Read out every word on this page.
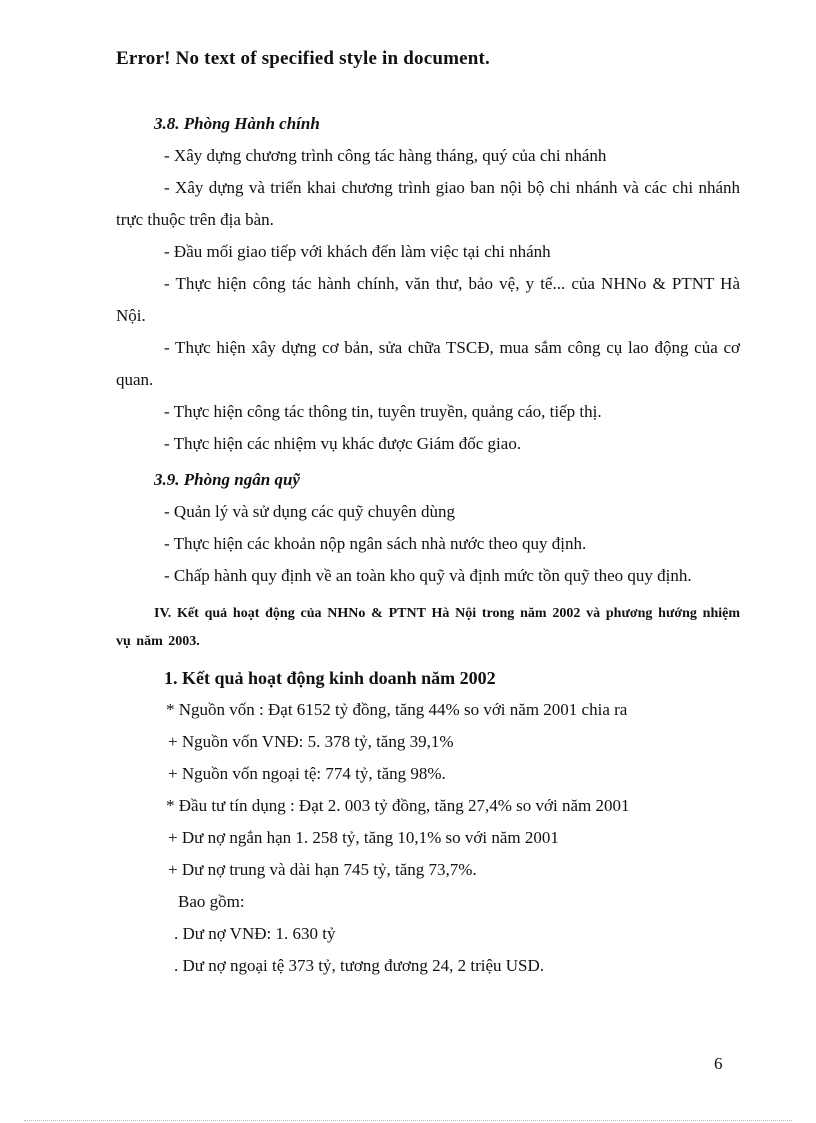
Error! No text of specified style in document.

3.8. Phòng Hành chính

- Xây dựng chương trình công tác hàng tháng, quý của chi nhánh

- Xây dựng và triển khai chương trình giao ban nội bộ chi nhánh và các chi nhánh trực thuộc trên địa bàn.

- Đầu mối giao tiếp với khách đến làm việc tại chi nhánh

- Thực hiện công tác hành chính, văn thư, bảo vệ, y tế... của NHNo & PTNT Hà Nội.

- Thực hiện xây dựng cơ bản, sửa chữa TSCĐ, mua sắm công cụ lao động của cơ quan.

- Thực hiện công tác thông tin, tuyên truyền, quảng cáo, tiếp thị.

- Thực hiện các nhiệm vụ khác được Giám đốc giao.

3.9. Phòng ngân quỹ

- Quản lý và sử dụng các quỹ chuyên dùng

- Thực hiện các khoản nộp ngân sách nhà nước theo quy định.

- Chấp hành quy định về an toàn kho quỹ và định mức tồn quỹ theo quy định.

IV. Kết quả hoạt động của NHNo & PTNT Hà Nội trong năm 2002 và phương hướng nhiệm vụ năm 2003.

1. Kết quả hoạt động kinh doanh năm 2002

* Nguồn vốn : Đạt 6152 tỷ đồng, tăng 44% so với năm 2001 chia ra

+ Nguồn vốn VNĐ: 5. 378 tỷ, tăng 39,1%

+ Nguồn vốn ngoại tệ: 774 tỷ, tăng 98%.

* Đầu tư tín dụng : Đạt 2. 003 tỷ đồng, tăng 27,4% so với năm 2001

+ Dư nợ ngắn hạn 1. 258 tỷ, tăng 10,1% so với năm 2001

+ Dư nợ trung và dài hạn 745 tỷ, tăng 73,7%.

Bao gồm:

. Dư nợ VNĐ: 1. 630 tỷ

. Dư nợ ngoại tệ 373 tỷ, tương đương 24, 2 triệu USD.

6
